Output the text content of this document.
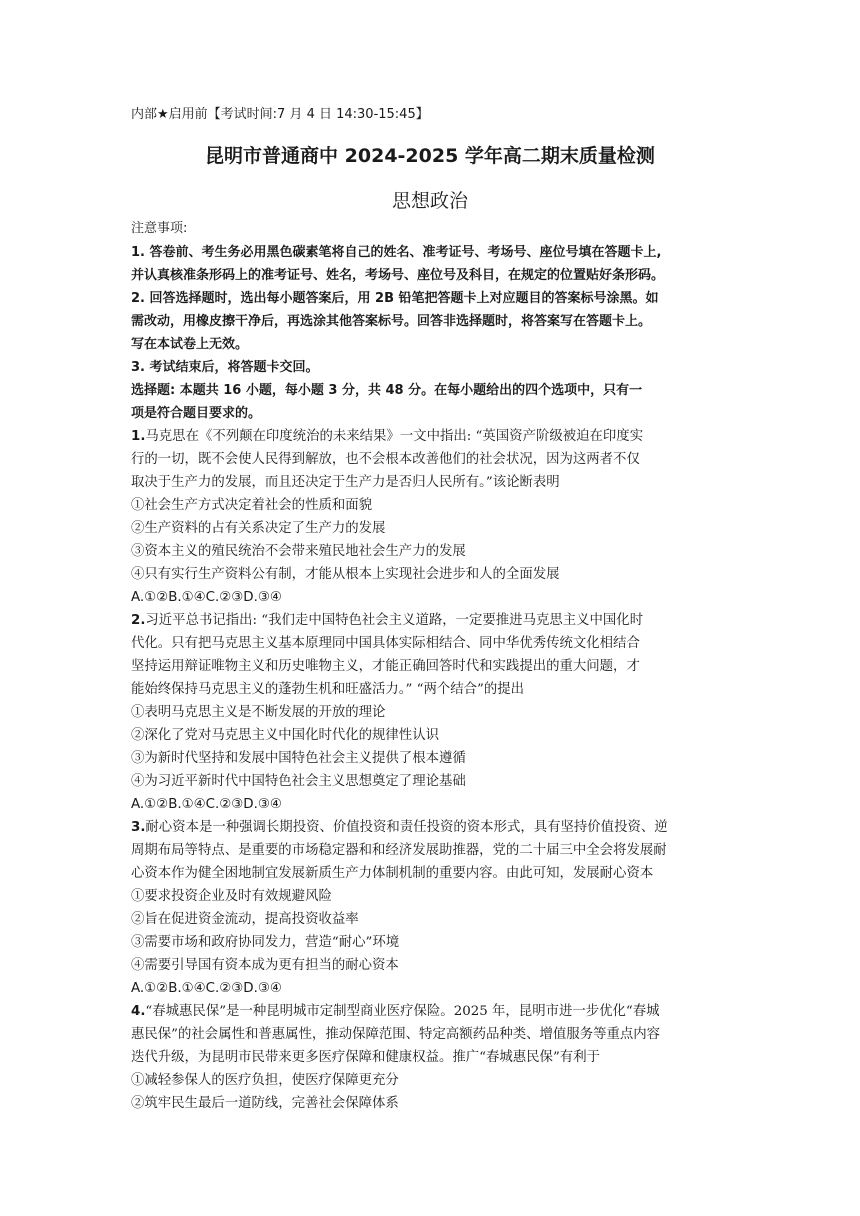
内部★启用前【考试时间:7 月 4 日 14:30-15:45】
昆明市普通商中 2024-2025 学年高二期末质量检测
思想政治
注意事项:
1. 答卷前、考生务必用黑色碳素笔将自己的姓名、准考证号、考场号、座位号填在答题卡上,
并认真核准条形码上的准考证号、姓名，考场号、座位号及科目，在规定的位置贴好条形码。
2. 回答选择题时，选出每小题答案后，用 2B 铅笔把答题卡上对应题目的答案标号涂黑。如
需改动，用橡皮擦干净后，再选涂其他答案标号。回答非选择题时，将答案写在答题卡上。
写在本试卷上无效。
3. 考试结束后，将答题卡交回。
选择题: 本题共 16 小题，每小题 3 分，共 48 分。在每小题给出的四个选项中，只有一
项是符合题目要求的。
1.马克思在《不列颠在印度统治的未来结果》一文中指出: “英国资产阶级被迫在印度实
行的一切，既不会使人民得到解放，也不会根本改善他们的社会状况，因为这两者不仅
取决于生产力的发展，而且还决定于生产力是否归人民所有。”该论断表明
①社会生产方式决定着社会的性质和面貌
②生产资料的占有关系决定了生产力的发展
③资本主义的殖民统治不会带来殖民地社会生产力的发展
④只有实行生产资料公有制，才能从根本上实现社会进步和人的全面发展
A.①②B.①④C.②③D.③④
2.习近平总书记指出: “我们走中国特色社会主义道路，一定要推进马克思主义中国化时
代化。只有把马克思主义基本原理同中国具体实际相结合、同中华优秀传统文化相结合
坚持运用辩证唯物主义和历史唯物主义，才能正确回答时代和实践提出的重大问题，才
能始终保持马克思主义的蓬勃生机和旺盛活力。” “两个结合”的提出
①表明马克思主义是不断发展的开放的理论
②深化了党对马克思主义中国化时代化的规律性认识
③为新时代坚持和发展中国特色社会主义提供了根本遵循
④为习近平新时代中国特色社会主义思想奠定了理论基础
A.①②B.①④C.②③D.③④
3.耐心资本是一种强调长期投资、价值投资和责任投资的资本形式，具有坚持价值投资、逆
周期布局等特点、是重要的市场稳定器和和经济发展助推器，党的二十届三中全会将发展耐
心资本作为健全困地制宜发展新质生产力体制机制的重要内容。由此可知，发展耐心资本
①要求投资企业及时有效规避风险
②旨在促进资金流动，提高投资收益率
③需要市场和政府协同发力，营造“耐心”环境
④需要引导国有资本成为更有担当的耐心资本
A.①②B.①④C.②③D.③④
4.“春城惠民保”是一种昆明城市定制型商业医疗保险。2025 年，昆明市进一步优化“春城
惠民保”的社会属性和普惠属性，推动保障范围、特定高额药品种类、增值服务等重点内容
迭代升级，为昆明市民带来更多医疗保障和健康权益。推广“春城惠民保”有利于
①减轻参保人的医疗负担，使医疗保障更充分
②筑牢民生最后一道防线，完善社会保障体系
